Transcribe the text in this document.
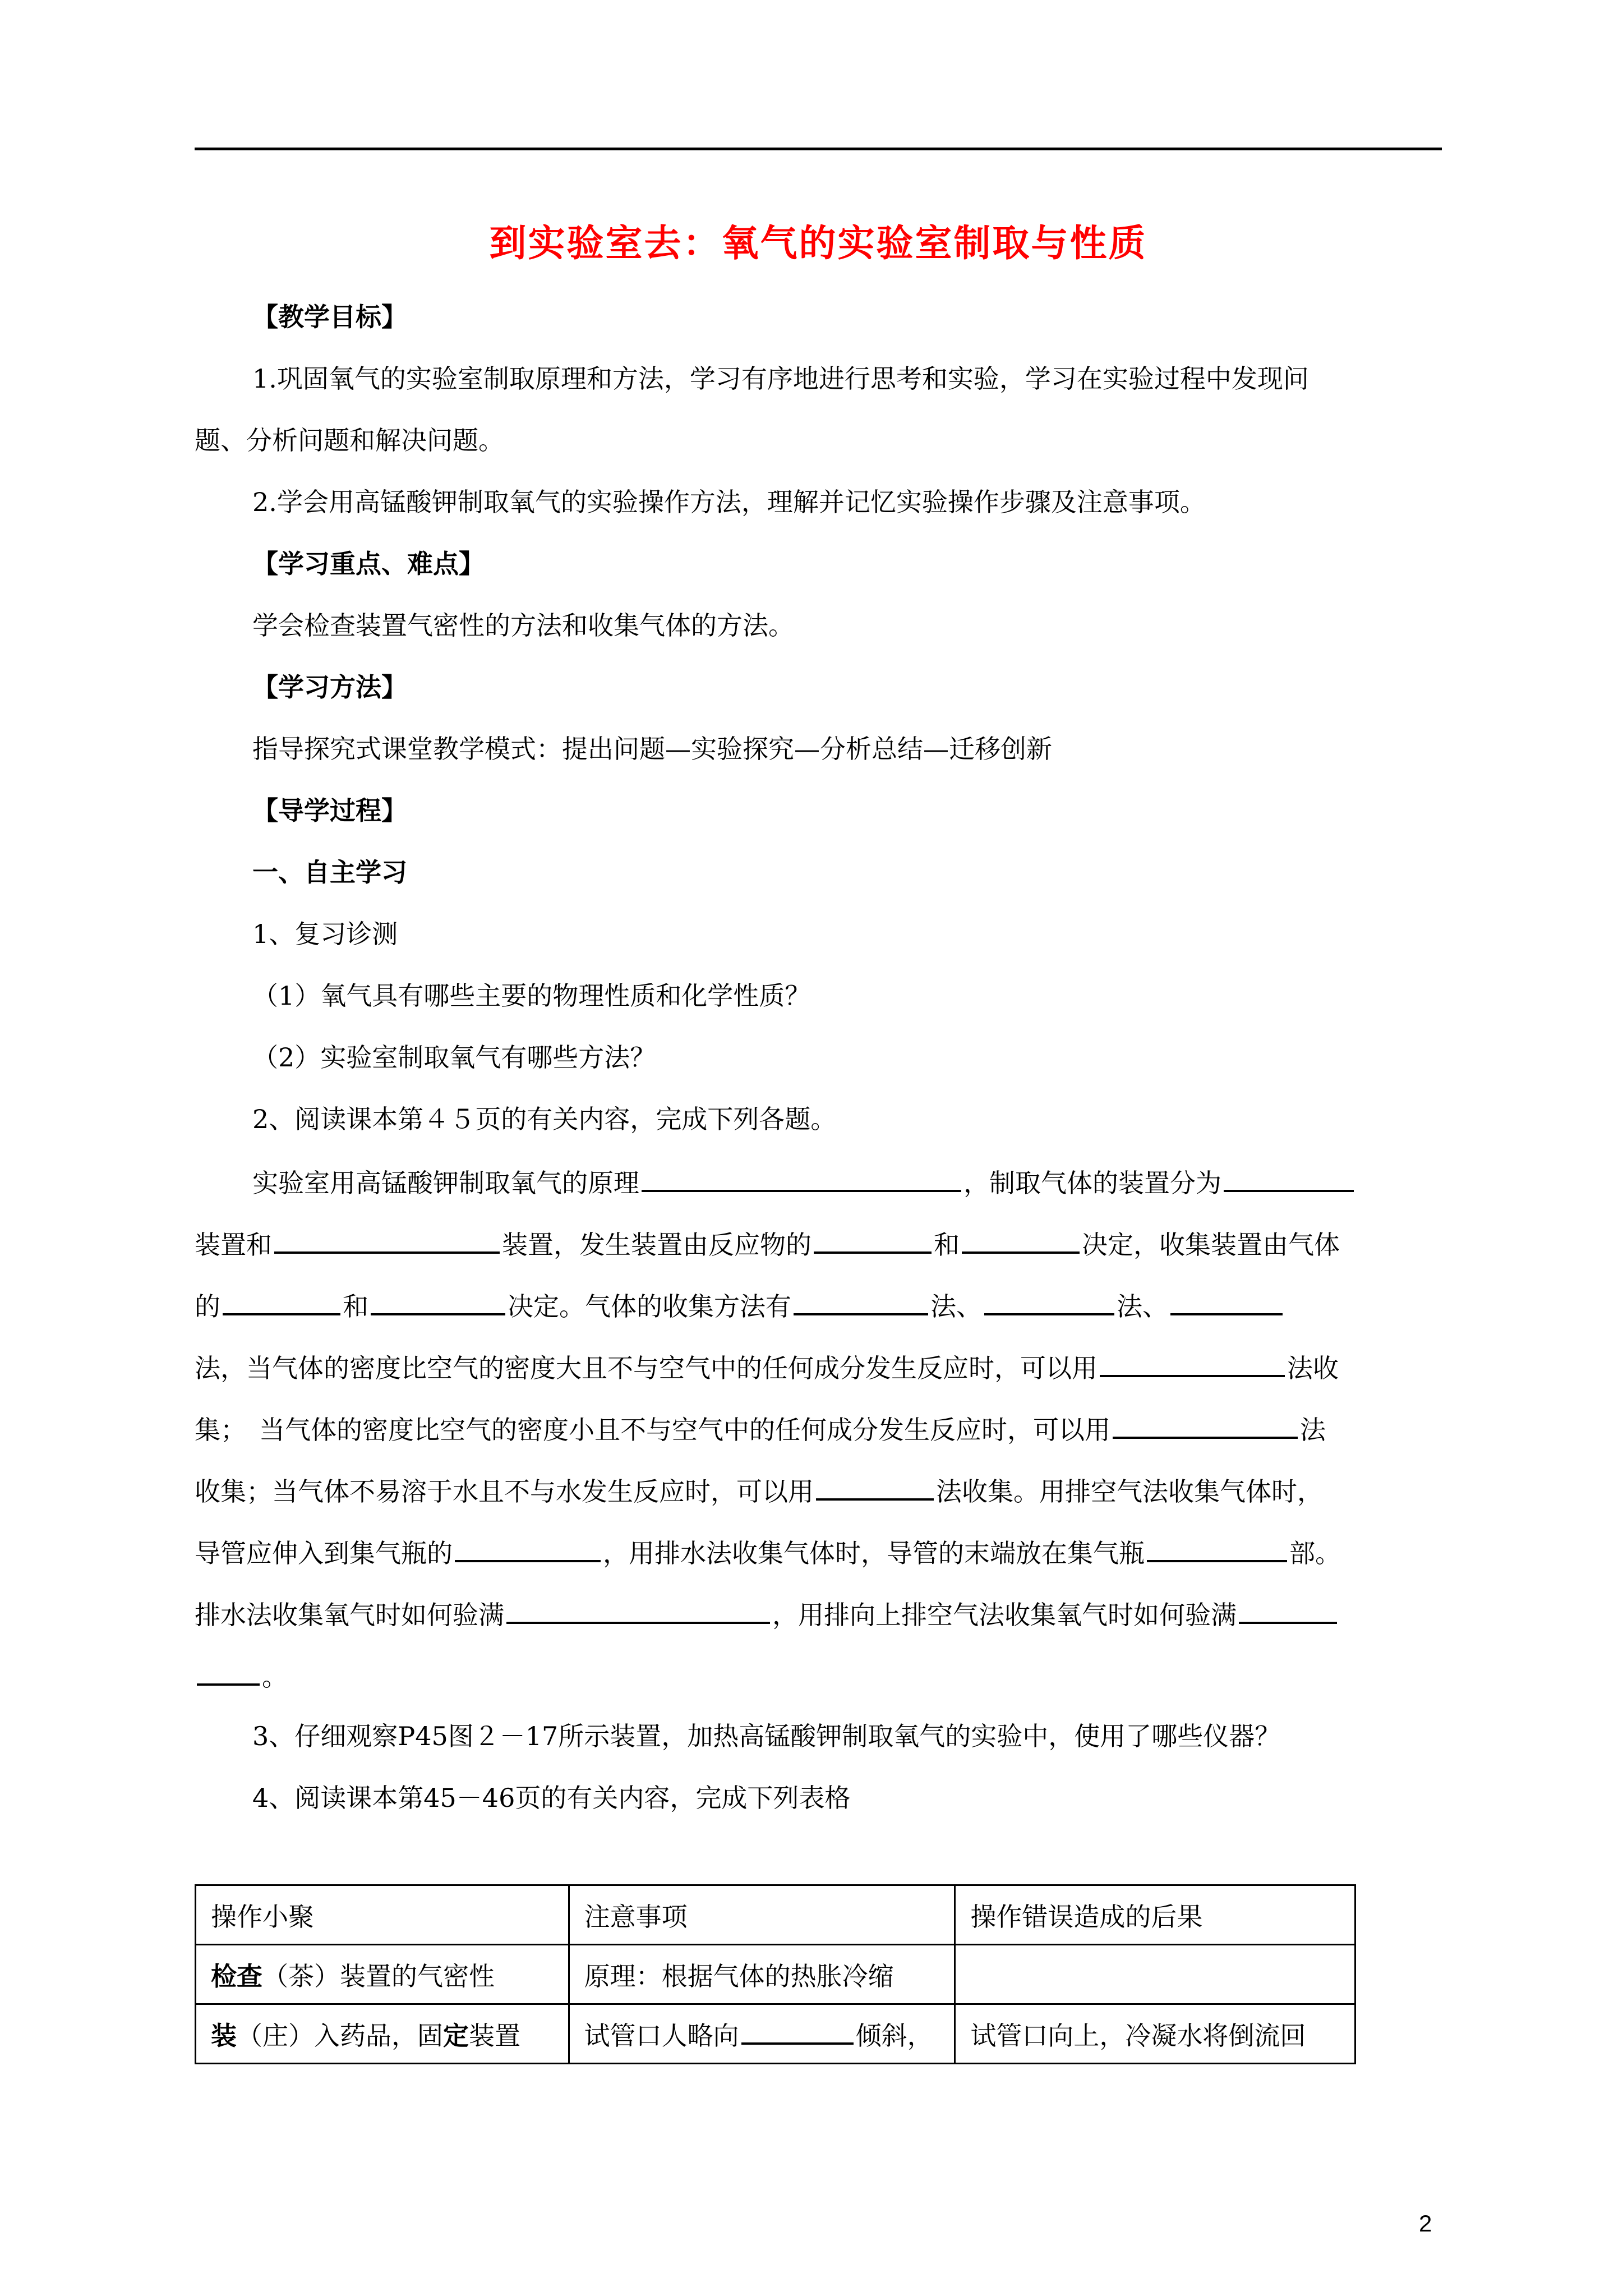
到实验室去：氧气的实验室制取与性质
【教学目标】
1.巩固氧气的实验室制取原理和方法，学习有序地进行思考和实验，学习在实验过程中发现问
题、分析问题和解决问题。
2.学会用高锰酸钾制取氧气的实验操作方法，理解并记忆实验操作步骤及注意事项。
【学习重点、难点】
学会检查装置气密性的方法和收集气体的方法。
【学习方法】
指导探究式课堂教学模式：提出问题—实验探究—分析总结—迁移创新
【导学过程】
一、自主学习
1、复习诊测
（1）氧气具有哪些主要的物理性质和化学性质？
（2）实验室制取氧气有哪些方法？
2、阅读课本第４５页的有关内容，完成下列各题。
实验室用高锰酸钾制取氧气的原理	，制取气体的装置分为
装置和	装置，发生装置由反应物的	和	决定，收集装置由气体
的	和	决定。气体的收集方法有	法、	法、
法，当气体的密度比空气的密度大且不与空气中的任何成分发生反应时，可以用	法收
集；　当气体的密度比空气的密度小且不与空气中的任何成分发生反应时，可以用	法
收集；当气体不易溶于水且不与水发生反应时，可以用	法收集。用排空气法收集气体时，
导管应伸入到集气瓶的	，用排水法收集气体时，导管的末端放在集气瓶	部。
排水法收集氧气时如何验满	，用排向上排空气法收集氧气时如何验满
。
3、仔细观察P45图２－17所示装置，加热高锰酸钾制取氧气的实验中，使用了哪些仪器？
4、阅读课本第45－46页的有关内容，完成下列表格
操作小聚	注意事项	操作错误造成的后果
检查（茶）装置的气密性	原理：根据气体的热胀冷缩	
装（庄）入药品，固定装置	试管口人略向 倾斜，	试管口向上，冷凝水将倒流回
2
